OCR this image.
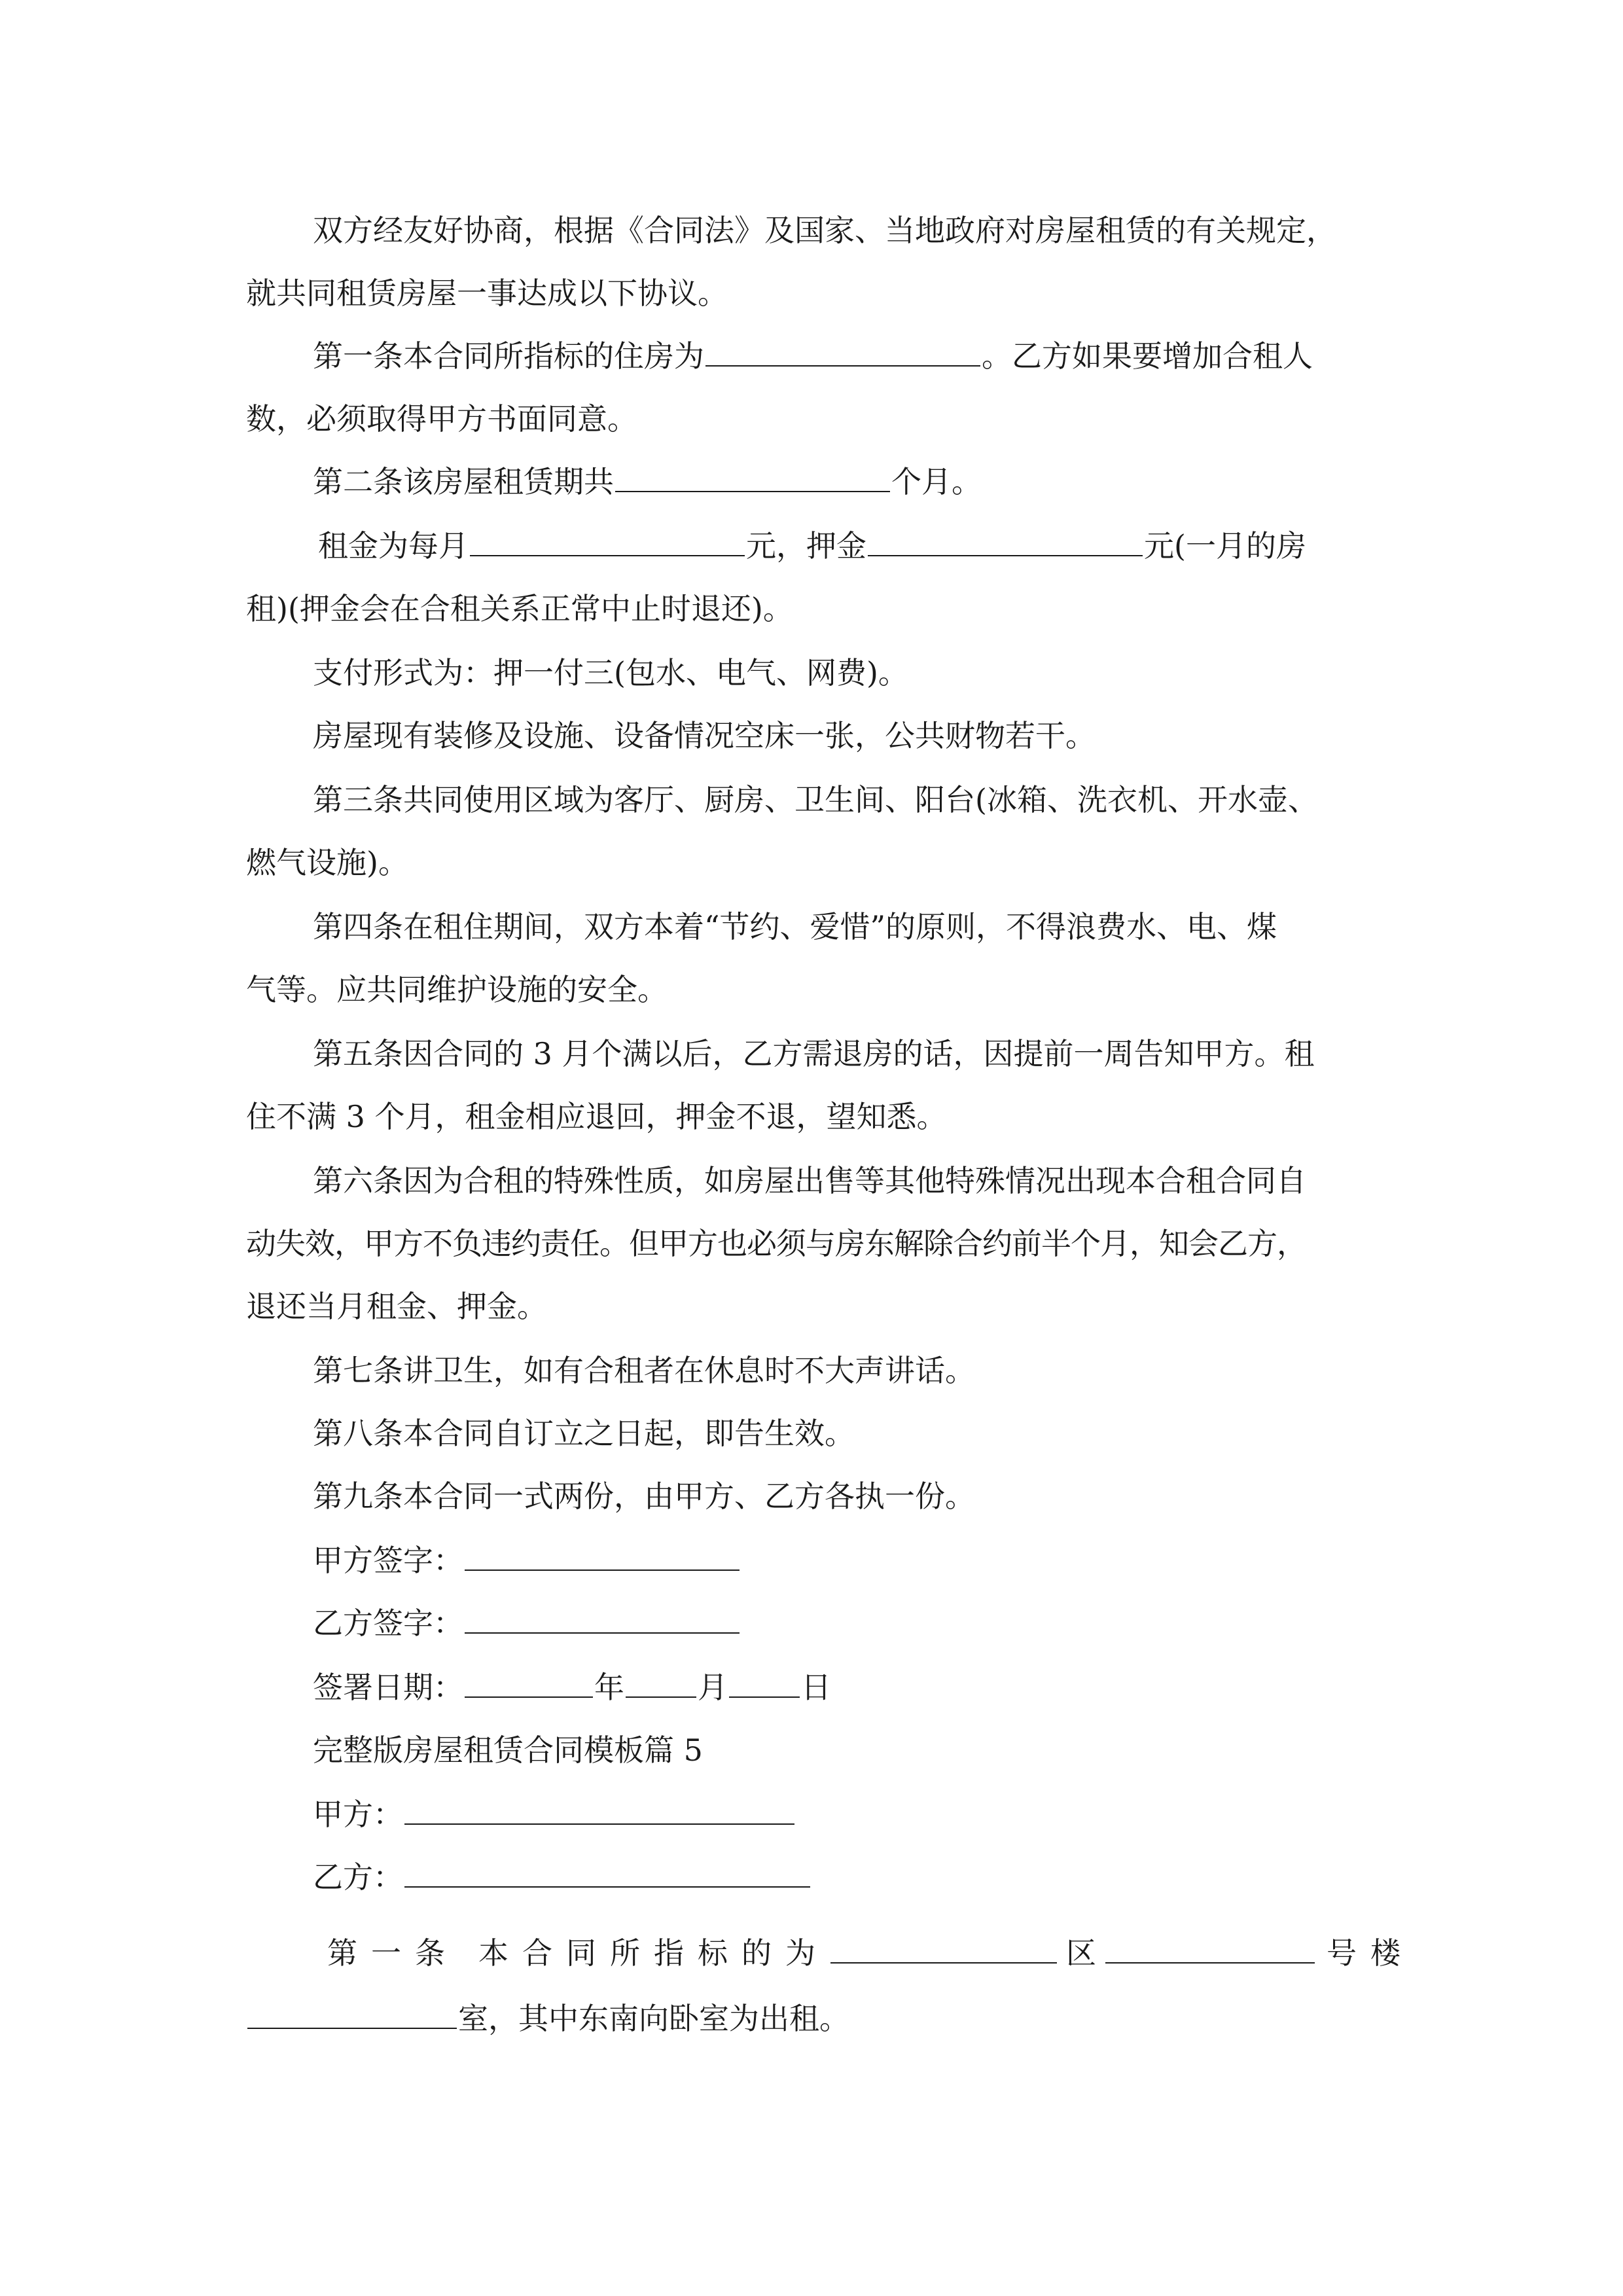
双方经友好协商，根据《合同法》及国家、当地政府对房屋租赁的有关规定，
就共同租赁房屋一事达成以下协议。
第一条本合同所指标的住房为	。乙方如果要增加合租人
数，必须取得甲方书面同意。
第二条该房屋租赁期共	个月。
租金为每月	元，押金	元(一月的房
租)(押金会在合租关系正常中止时退还)。
支付形式为：押一付三(包水、电气、网费)。
房屋现有装修及设施、设备情况空床一张，公共财物若干。
第三条共同使用区域为客厅、厨房、卫生间、阳台(冰箱、洗衣机、开水壶、
燃气设施)。
第四条在租住期间，双方本着“节约、爱惜”的原则，不得浪费水、电、煤
气等。应共同维护设施的安全。
第五条因合同的 3 月个满以后，乙方需退房的话，因提前一周告知甲方。租
住不满 3 个月，租金相应退回，押金不退，望知悉。
第六条因为合租的特殊性质，如房屋出售等其他特殊情况出现本合租合同自
动失效，甲方不负违约责任。但甲方也必须与房东解除合约前半个月，知会乙方，
退还当月租金、押金。
第七条讲卫生，如有合租者在休息时不大声讲话。
第八条本合同自订立之日起，即告生效。
第九条本合同一式两份，由甲方、乙方各执一份。
甲方签字：
乙方签字：
签署日期：	年 月 日
完整版房屋租赁合同模板篇 5
甲方：
乙方：
第一条 本合同所指标的为	区	号楼
室，其中东南向卧室为出租。
